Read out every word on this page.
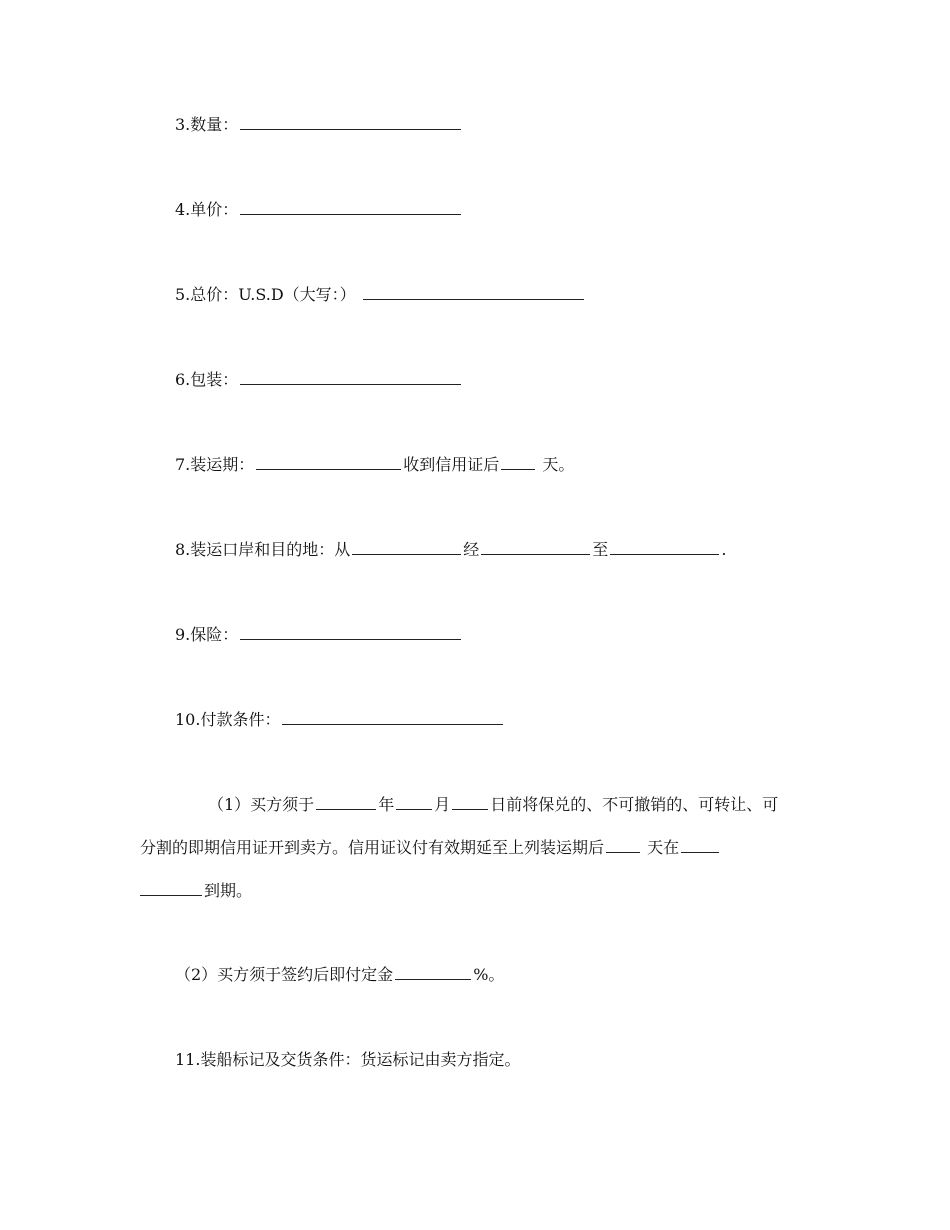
3.数量：
4.单价：
5.总价：U.S.D（大写：）
6.包装：
7.装运期：	收到信用证后	天。
8.装运口岸和目的地：从	经	至	.
9.保险：
10.付款条件：
（1）买方须于	年	月	日前将保兑的、不可撤销的、可转让、可
分割的即期信用证开到卖方。信用证议付有效期延至上列装运期后	天在
到期。
（2）买方须于签约后即付定金	%。
11.装船标记及交货条件：货运标记由卖方指定。
